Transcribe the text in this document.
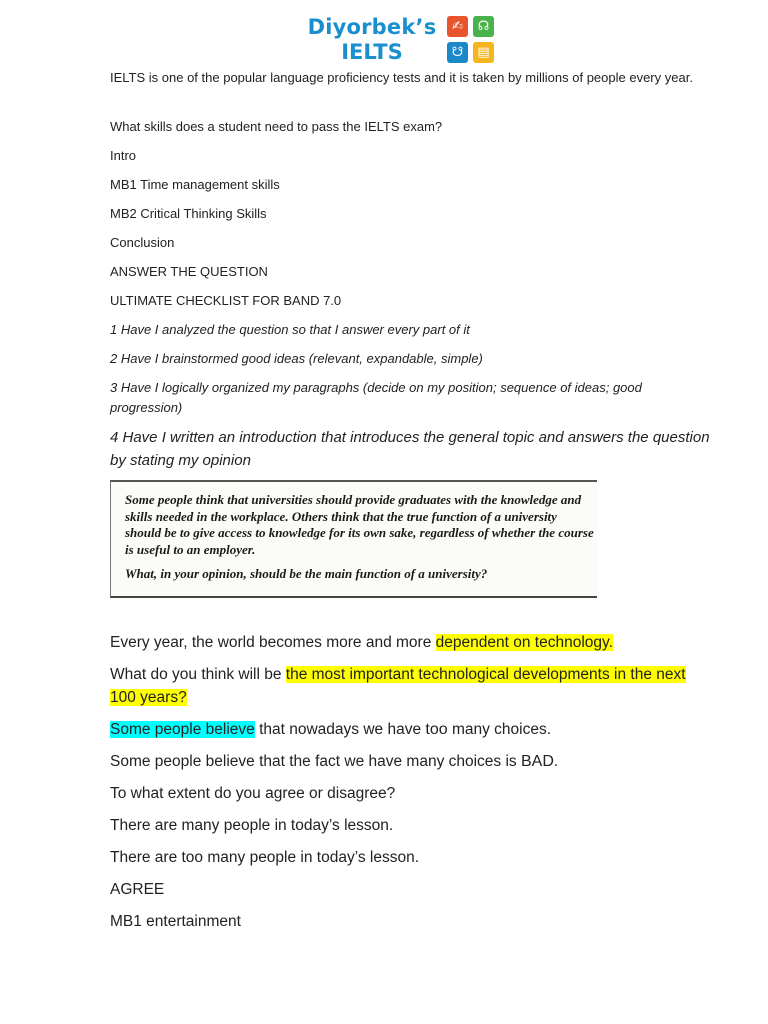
Diyorbek’s
IELTS
✍	☊
☋	▤

IELTS is one of the popular language proficiency tests and it is taken by millions of people every year.

What skills does a student need to pass the IELTS exam?

Intro

MB1 Time management skills

MB2 Critical Thinking Skills

Conclusion

ANSWER THE QUESTION

ULTIMATE CHECKLIST FOR BAND 7.0

1 Have I analyzed the question so that I answer every part of it

2 Have I brainstormed good ideas (relevant, expandable, simple)

3 Have I logically organized my paragraphs (decide on my position; sequence of ideas; good progression)

4 Have I written an introduction that introduces the general topic and answers the question by stating my opinion

Some people think that universities should provide graduates with the knowledge and skills needed in the workplace. Others think that the true function of a university should be to give access to knowledge for its own sake, regardless of whether the course is useful to an employer.
What, in your opinion, should be the main function of a university?

Every year, the world becomes more and more dependent on technology.

What do you think will be the most important technological developments in the next 100 years?

Some people believe that nowadays we have too many choices.

Some people believe that the fact we have many choices is BAD.

To what extent do you agree or disagree?

There are many people in today’s lesson.

There are too many people in today’s lesson.

AGREE

MB1 entertainment
